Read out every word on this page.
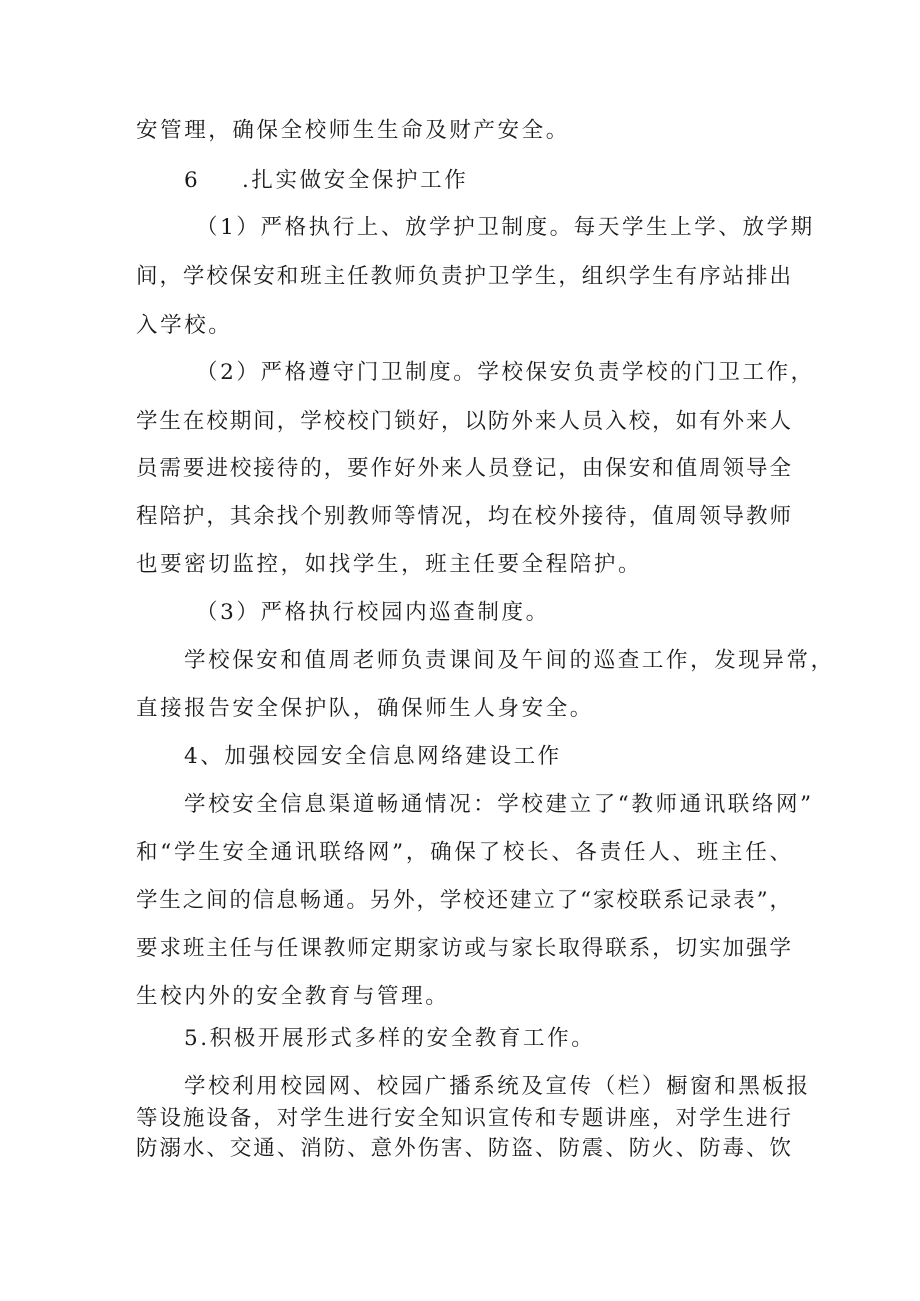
安管理，确保全校师生生命及财产安全。

6 .扎实做安全保护工作

（1）严格执行上、放学护卫制度。每天学生上学、放学期

间，学校保安和班主任教师负责护卫学生，组织学生有序站排出

入学校。

（2）严格遵守门卫制度。学校保安负责学校的门卫工作，

学生在校期间，学校校门锁好，以防外来人员入校，如有外来人

员需要进校接待的，要作好外来人员登记，由保安和值周领导全

程陪护，其余找个别教师等情况，均在校外接待，值周领导教师

也要密切监控，如找学生，班主任要全程陪护。

（3）严格执行校园内巡查制度。

学校保安和值周老师负责课间及午间的巡查工作，发现异常，

直接报告安全保护队，确保师生人身安全。

4、加强校园安全信息网络建设工作

学校安全信息渠道畅通情况：学校建立了“教师通讯联络网”

和“学生安全通讯联络网”，确保了校长、各责任人、班主任、

学生之间的信息畅通。另外，学校还建立了“家校联系记录表”，

要求班主任与任课教师定期家访或与家长取得联系，切实加强学

生校内外的安全教育与管理。

5.积极开展形式多样的安全教育工作。

学校利用校园网、校园广播系统及宣传（栏）橱窗和黑板报

等设施设备，对学生进行安全知识宣传和专题讲座，对学生进行

防溺水、交通、消防、意外伤害、防盗、防震、防火、防毒、饮
